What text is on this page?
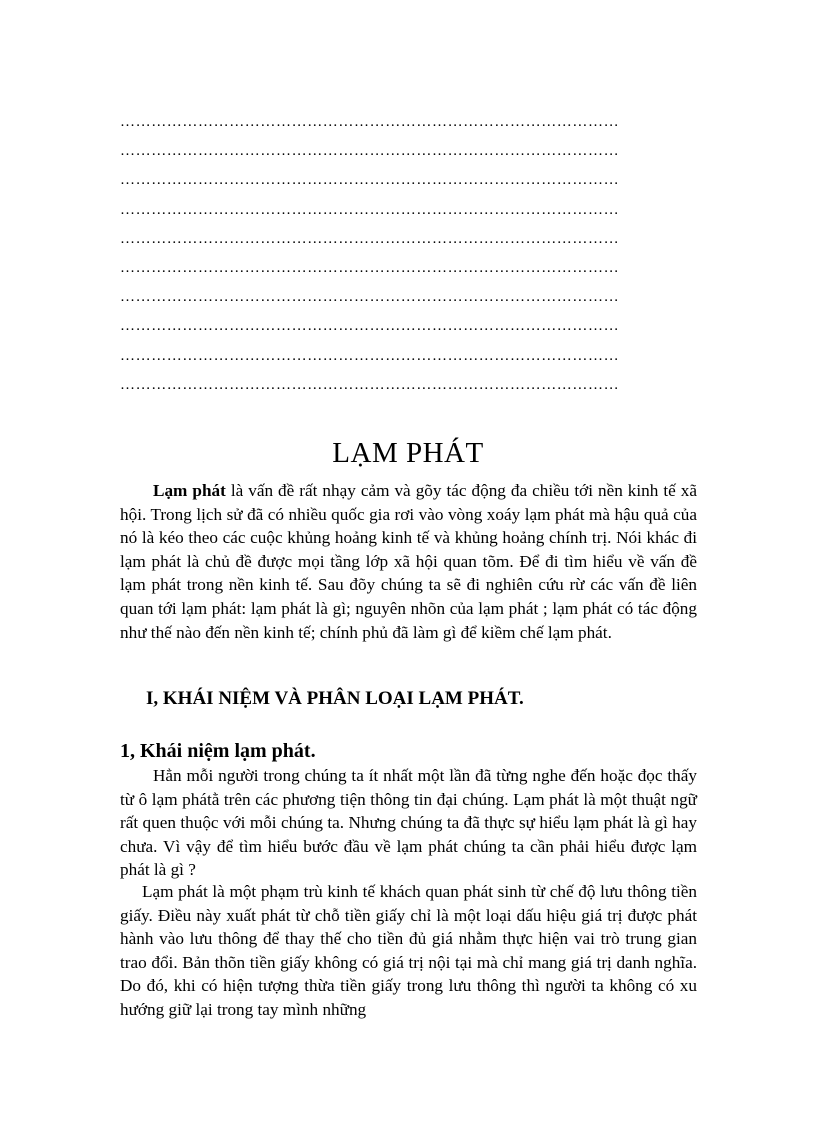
……………………………………………………………………………………
……………………………………………………………………………………
……………………………………………………………………………………
……………………………………………………………………………………
……………………………………………………………………………………
……………………………………………………………………………………
……………………………………………………………………………………
……………………………………………………………………………………
……………………………………………………………………………………
……………………………………………………………………………………
LẠM PHÁT

Lạm phát là vấn đề rất nhạy cảm và gõy tác động đa chiều tới nền kinh tế xã hội. Trong lịch sử đã có nhiều quốc gia rơi vào vòng xoáy lạm phát mà hậu quả của nó là kéo theo các cuộc khủng hoảng kinh tế và khủng hoảng chính trị. Nói khác đi lạm phát là chủ đề được mọi tầng lớp xã hội quan tõm. Để đi tìm hiểu về vấn đề lạm phát trong nền kinh tế. Sau đõy chúng ta sẽ đi nghiên cứu rừ các vấn đề liên quan tới lạm phát: lạm phát là gì; nguyên nhõn của lạm phát ; lạm phát có tác động như thế nào đến nền kinh tế; chính phủ đã làm gì để kiềm chế lạm phát.

I, KHÁI NIỆM VÀ PHÂN LOẠI LẠM PHÁT.
1, Khái niệm lạm phát.

Hẳn mỗi người trong chúng ta ít nhất một lần đã từng nghe đến hoặc đọc thấy từ ô lạm phátằ trên các phương tiện thông tin đại chúng. Lạm phát là một thuật ngữ rất quen thuộc với mỗi chúng ta. Nhưng chúng ta đã thực sự hiểu lạm phát là gì hay chưa. Vì vậy để tìm hiểu bước đầu về lạm phát chúng ta cần phải hiểu được lạm phát là gì ?

Lạm phát là một phạm trù kinh tế khách quan phát sinh từ chế độ lưu thông tiền giấy. Điều này xuất phát từ chỗ tiền giấy chỉ là một loại dấu hiệu giá trị được phát hành vào lưu thông để thay thế cho tiền đủ giá nhằm thực hiện vai trò trung gian trao đổi. Bản thõn tiền giấy không có giá trị nội tại mà chỉ mang giá trị danh nghĩa. Do đó, khi có hiện tượng thừa tiền giấy trong lưu thông thì người ta không có xu hướng giữ lại trong tay mình những
